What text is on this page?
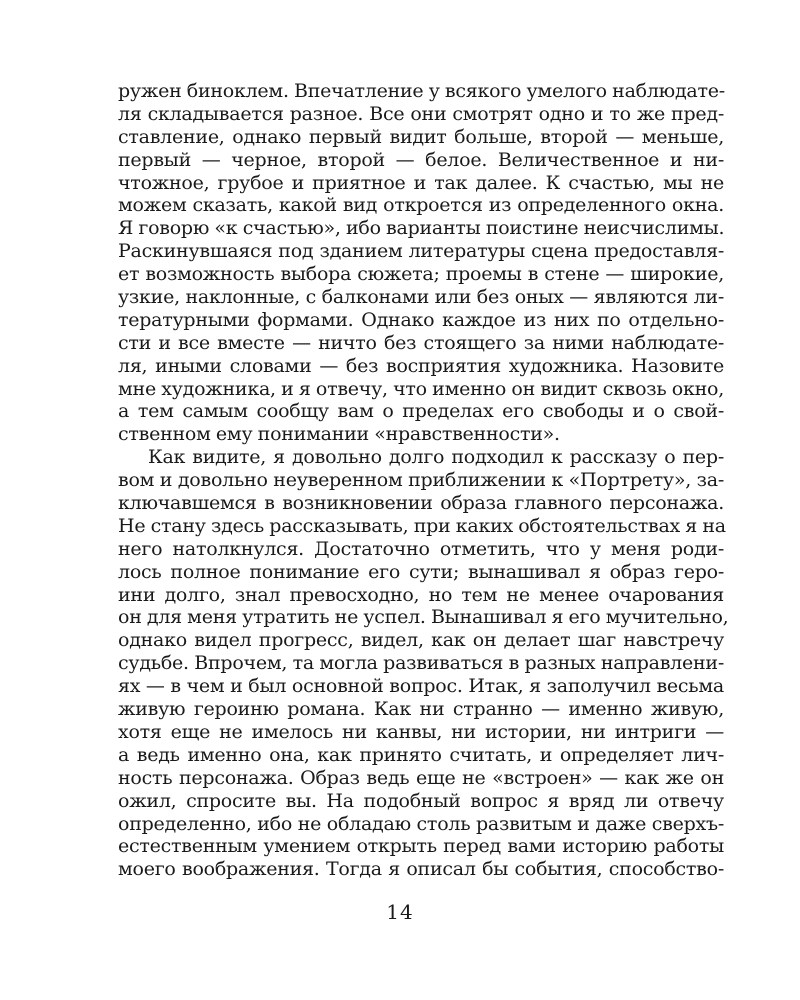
ружен биноклем. Впечатление у всякого умелого наблюдате-
ля складывается разное. Все они смотрят одно и то же пред-
ставление, однако первый видит больше, второй — меньше,
первый — черное, второй — белое. Величественное и ни-
чтожное, грубое и приятное и так далее. К счастью, мы не
можем сказать, какой вид откроется из определенного окна.
Я говорю «к счастью», ибо варианты поистине неисчислимы.
Раскинувшаяся под зданием литературы сцена предоставля-
ет возможность выбора сюжета; проемы в стене — широкие,
узкие, наклонные, с балконами или без оных — являются ли-
тературными формами. Однако каждое из них по отдельно-
сти и все вместе — ничто без стоящего за ними наблюдате-
ля, иными словами — без восприятия художника. Назовите
мне художника, и я отвечу, что именно он видит сквозь окно,
а тем самым сообщу вам о пределах его свободы и о свой-
ственном ему понимании «нравственности».
Как видите, я довольно долго подходил к рассказу о пер-
вом и довольно неуверенном приближении к «Портрету», за-
ключавшемся в возникновении образа главного персонажа.
Не стану здесь рассказывать, при каких обстоятельствах я на
него натолкнулся. Достаточно отметить, что у меня роди-
лось полное понимание его сути; вынашивал я образ геро-
ини долго, знал превосходно, но тем не менее очарования
он для меня утратить не успел. Вынашивал я его мучительно,
однако видел прогресс, видел, как он делает шаг навстречу
судьбе. Впрочем, та могла развиваться в разных направлени-
ях — в чем и был основной вопрос. Итак, я заполучил весьма
живую героиню романа. Как ни странно — именно живую,
хотя еще не имелось ни канвы, ни истории, ни интриги —
а ведь именно она, как принято считать, и определяет лич-
ность персонажа. Образ ведь еще не «встроен» — как же он
ожил, спросите вы. На подобный вопрос я вряд ли отвечу
определенно, ибо не обладаю столь развитым и даже сверхъ-
естественным умением открыть перед вами историю работы
моего воображения. Тогда я описал бы события, способство-
14
